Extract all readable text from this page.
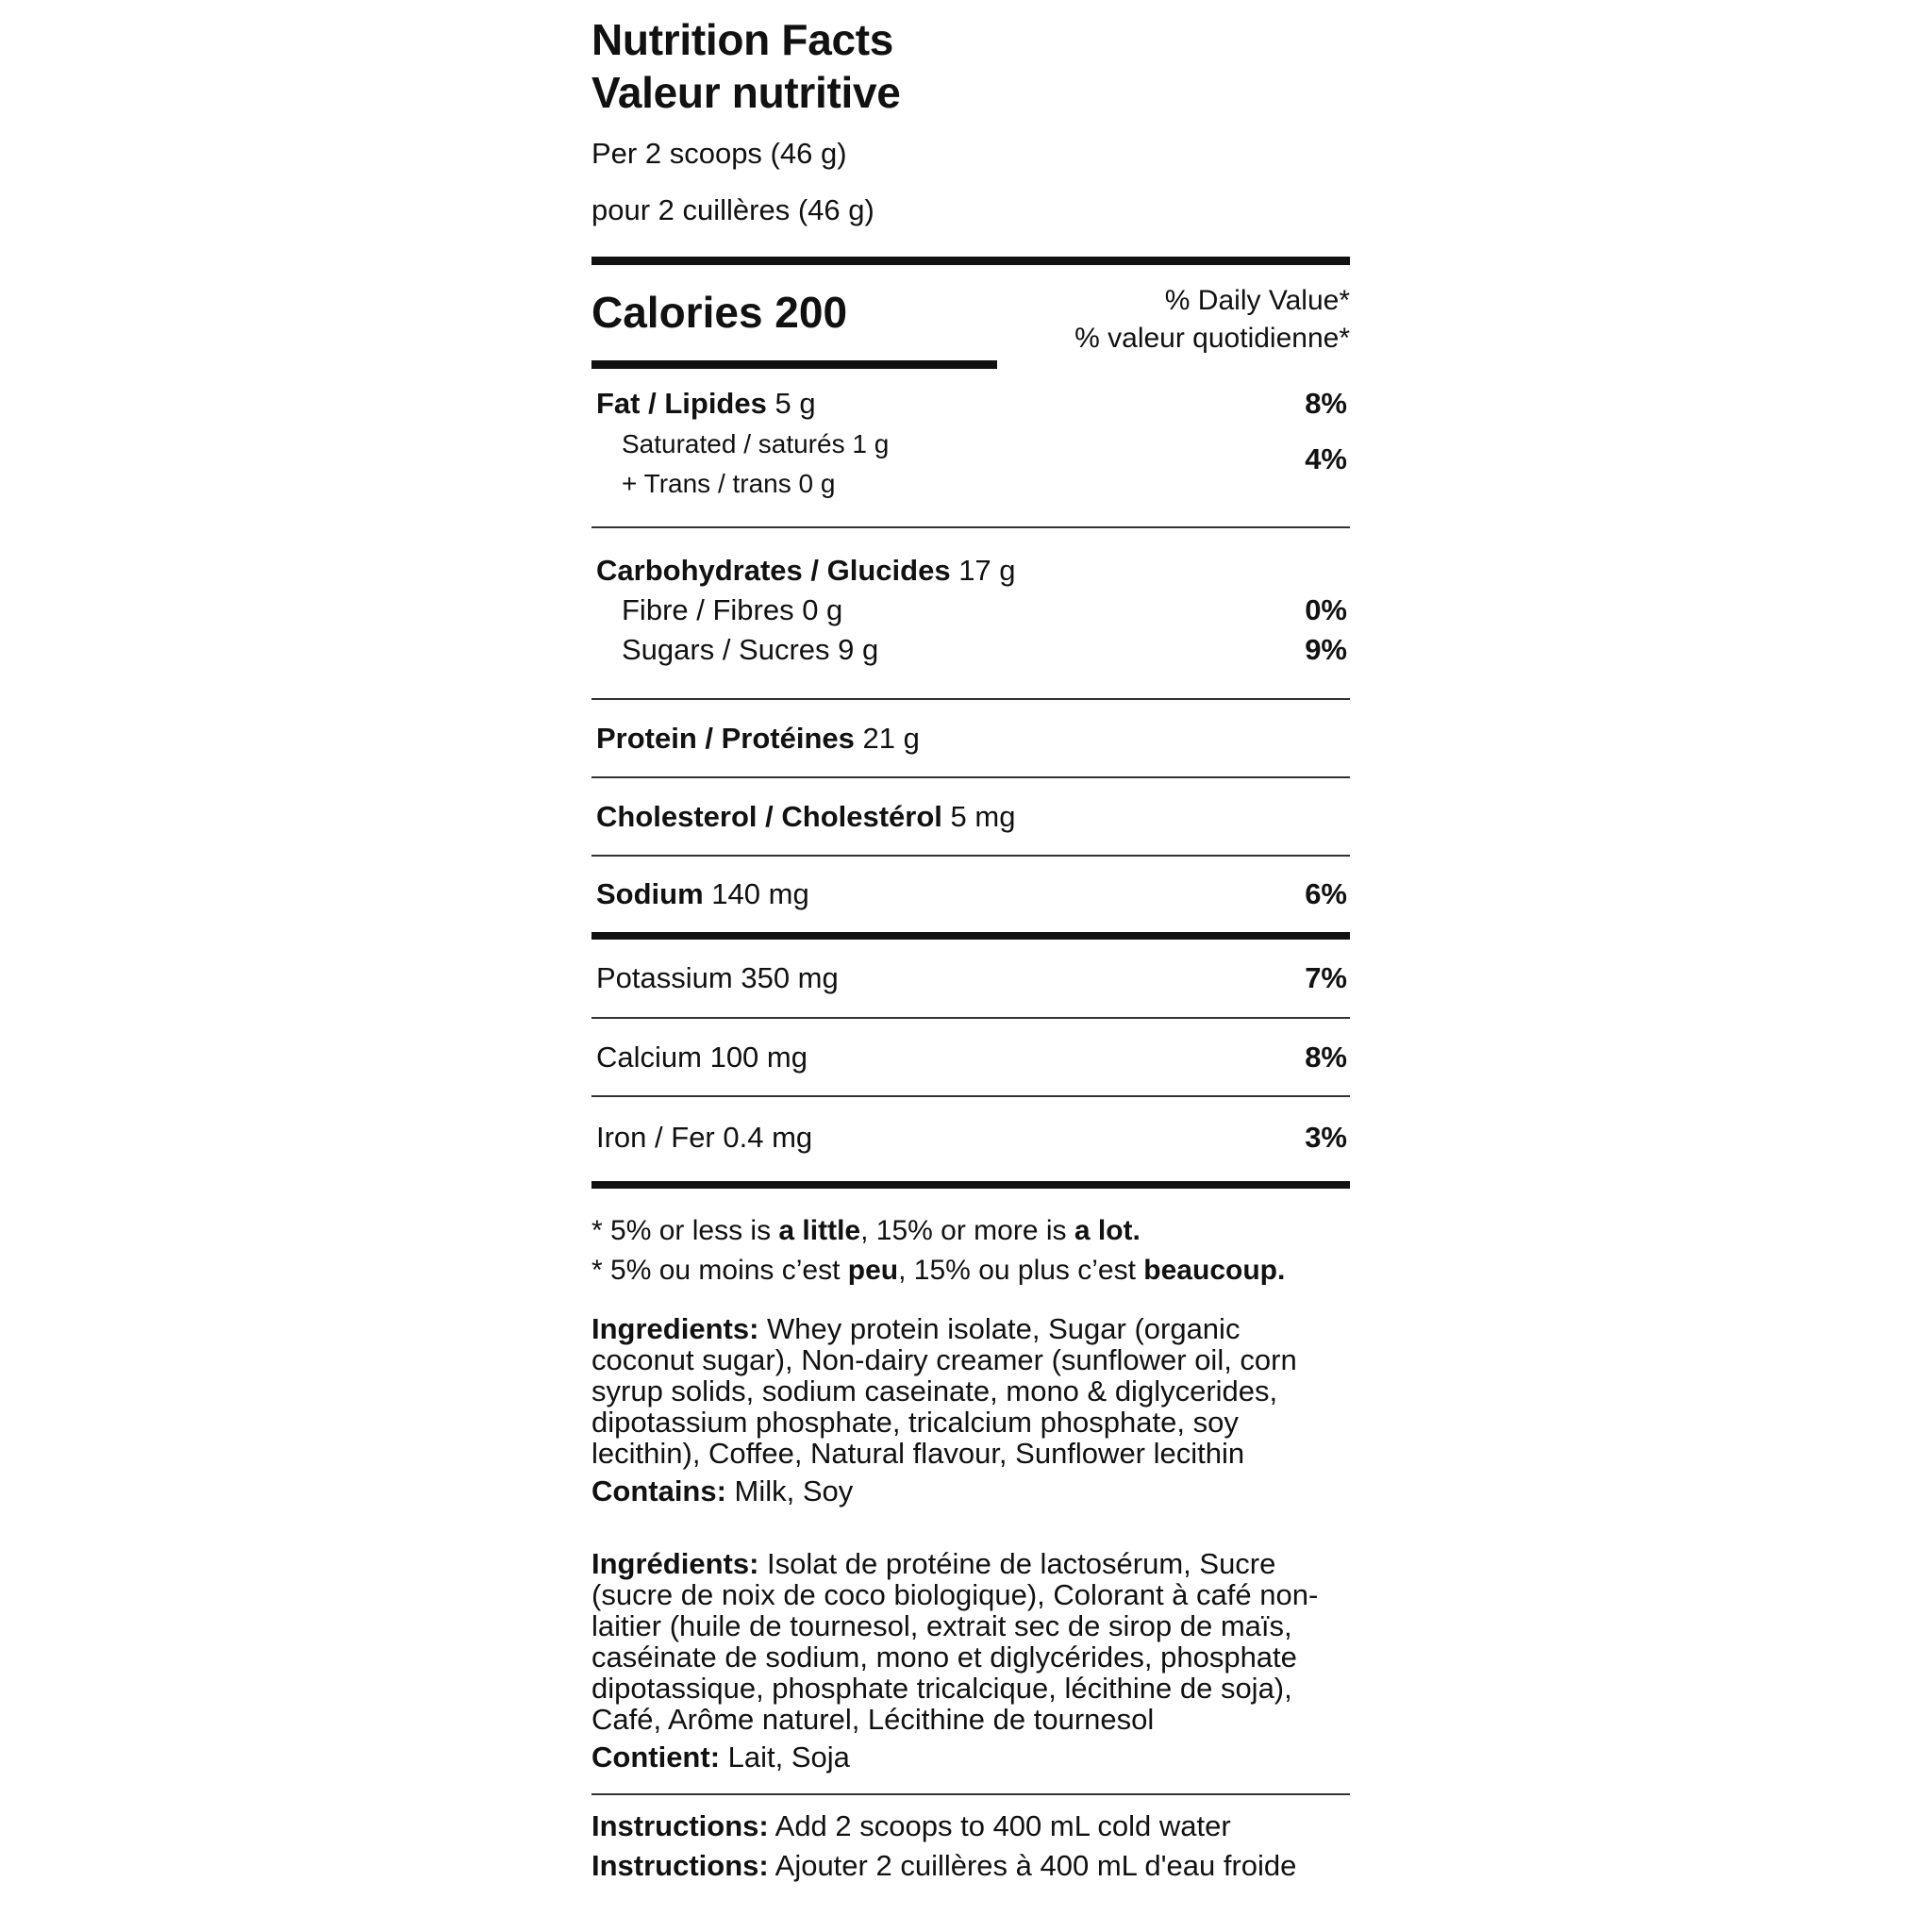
Nutrition Facts
Valeur nutritive
Per 2 scoops (46 g)
pour 2 cuillères (46 g)
Calories 200	% Daily Value*
% valeur quotidienne*
Fat / Lipides 5 g	8%
Saturated / saturés 1 g	4%
+ Trans / trans 0 g
Carbohydrates / Glucides 17 g
Fibre / Fibres 0 g	0%
Sugars / Sucres 9 g	9%
Protein / Protéines 21 g
Cholesterol / Cholestérol 5 mg
Sodium 140 mg	6%
Potassium 350 mg	7%
Calcium 100 mg	8%
Iron / Fer 0.4 mg	3%
* 5% or less is a little, 15% or more is a lot.
* 5% ou moins c’est peu, 15% ou plus c’est beaucoup.

Ingredients: Whey protein isolate, Sugar (organic coconut sugar), Non-dairy creamer (sunflower oil, corn syrup solids, sodium caseinate, mono & diglycerides, dipotassium phosphate, tricalcium phosphate, soy lecithin), Coffee, Natural flavour, Sunflower lecithin

Contains: Milk, Soy

Ingrédients: Isolat de protéine de lactosérum, Sucre (sucre de noix de coco biologique), Colorant à café non-laitier (huile de tournesol, extrait sec de sirop de maïs, caséinate de sodium, mono et diglycérides, phosphate dipotassique, phosphate tricalcique, lécithine de soja), Café, Arôme naturel, Lécithine de tournesol

Contient: Lait, Soja
Instructions: Add 2 scoops to 400 mL cold water
Instructions: Ajouter 2 cuillères à 400 mL d'eau froide
